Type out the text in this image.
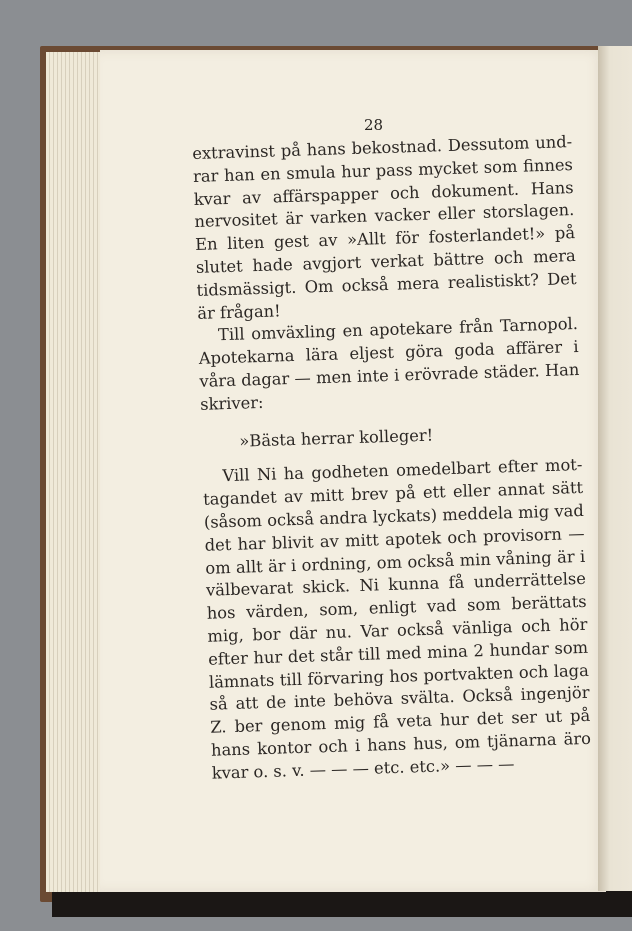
28

extravinst på hans bekostnad. Dessutom undrar han en smula hur pass mycket som finnes kvar av affärspapper och dokument. Hans nervositet är varken vacker eller storslagen. En liten gest av »Allt för fosterlandet!» på slutet hade avgjort verkat bättre och mera tidsmässigt. Om också mera realistiskt? Det är frågan!

Till omväxling en apotekare från Tarnopol. Apotekarna lära eljest göra goda affärer i våra dagar — men inte i erövrade städer. Han skriver:

»Bästa herrar kolleger!

Vill Ni ha godheten omedelbart efter mottagandet av mitt brev på ett eller annat sätt (såsom också andra lyckats) meddela mig vad det har blivit av mitt apotek och provisorn — om allt är i ordning, om också min våning är i välbevarat skick. Ni kunna få underrättelse hos värden, som, enligt vad som berättats mig, bor där nu. Var också vänliga och hör efter hur det står till med mina 2 hundar som lämnats till förvaring hos portvakten och laga så att de inte behöva svälta. Också ingenjör Z. ber genom mig få veta hur det ser ut på hans kontor och i hans hus, om tjänarna äro kvar o. s. v. — — — etc. etc.» — — —
